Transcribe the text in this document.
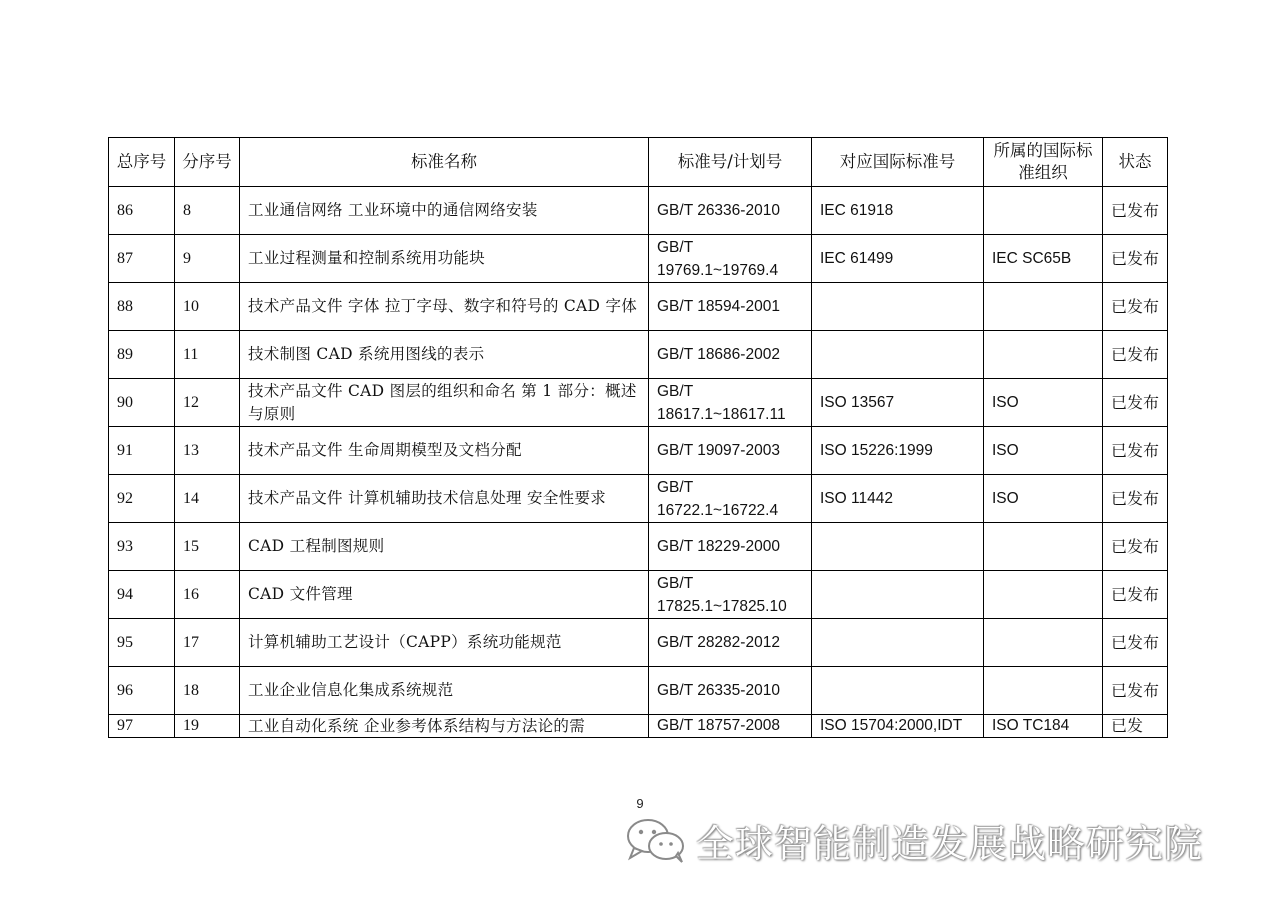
总序号	分序号	标准名称	标准号/计划号	对应国际标准号	所属的国际标准组织	状态
86	8	工业通信网络 工业环境中的通信网络安装	GB/T 26336-2010	IEC 61918		已发布
87	9	工业过程测量和控制系统用功能块	GB/T 19769.1~19769.4	IEC 61499	IEC SC65B	已发布
88	10	技术产品文件 字体 拉丁字母、数字和符号的 CAD 字体	GB/T 18594-2001			已发布
89	11	技术制图 CAD 系统用图线的表示	GB/T 18686-2002			已发布
90	12	技术产品文件 CAD 图层的组织和命名 第 1 部分：概述与原则	GB/T 18617.1~18617.11	ISO 13567	ISO	已发布
91	13	技术产品文件 生命周期模型及文档分配	GB/T 19097-2003	ISO 15226:1999	ISO	已发布
92	14	技术产品文件 计算机辅助技术信息处理 安全性要求	GB/T 16722.1~16722.4	ISO 11442	ISO	已发布
93	15	CAD 工程制图规则	GB/T 18229-2000			已发布
94	16	CAD 文件管理	GB/T 17825.1~17825.10			已发布
95	17	计算机辅助工艺设计（CAPP）系统功能规范	GB/T 28282-2012			已发布
96	18	工业企业信息化集成系统规范	GB/T 26335-2010			已发布
97	19	工业自动化系统 企业参考体系结构与方法论的需	GB/T 18757-2008	ISO 15704:2000,IDT	ISO TC184	已发
9
全球智能制造发展战略研究院
